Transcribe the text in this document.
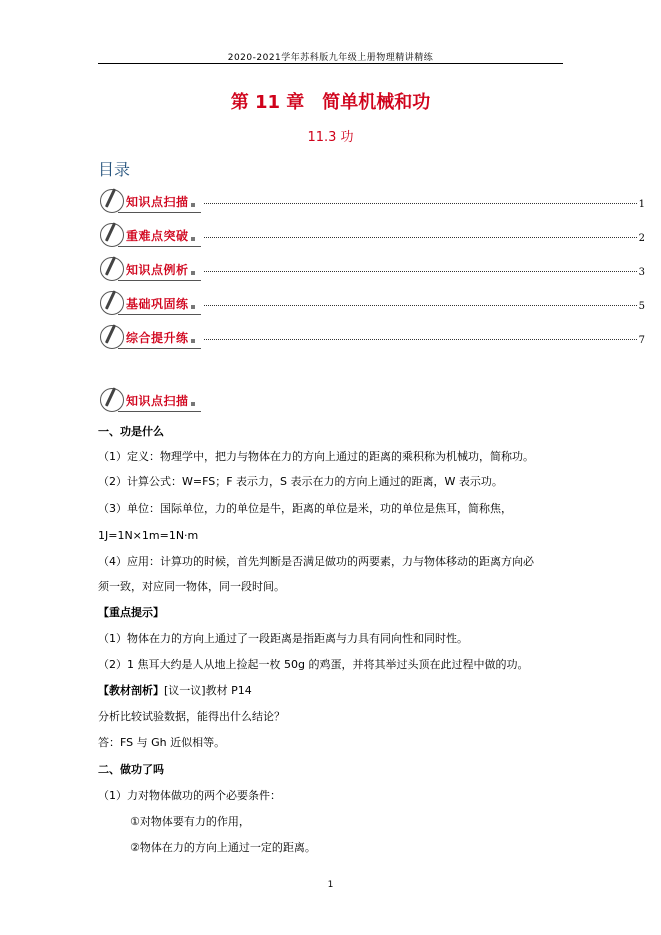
2020-2021学年苏科版九年级上册物理精讲精练
第 11 章　简单机械和功
11.3 功
目录
知识点扫描	1
重难点突破	2
知识点例析	3
基础巩固练	5
综合提升练	7
知识点扫描
一、功是什么
（1）定义：物理学中，把力与物体在力的方向上通过的距离的乘积称为机械功，简称功。
（2）计算公式：W=FS；F 表示力，S 表示在力的方向上通过的距离，W 表示功。
（3）单位：国际单位，力的单位是牛，距离的单位是米，功的单位是焦耳，简称焦，
1J=1N×1m=1N·m
（4）应用：计算功的时候，首先判断是否满足做功的两要素，力与物体移动的距离方向必
须一致，对应同一物体，同一段时间。
【重点提示】
（1）物体在力的方向上通过了一段距离是指距离与力具有同向性和同时性。
（2）1 焦耳大约是人从地上捡起一枚 50g 的鸡蛋，并将其举过头顶在此过程中做的功。
【教材剖析】[议一议]教材 P14
分析比较试验数据，能得出什么结论？
答：FS 与 Gh 近似相等。
二、做功了吗
（1）力对物体做功的两个必要条件：
①对物体要有力的作用，
②物体在力的方向上通过一定的距离。
1
